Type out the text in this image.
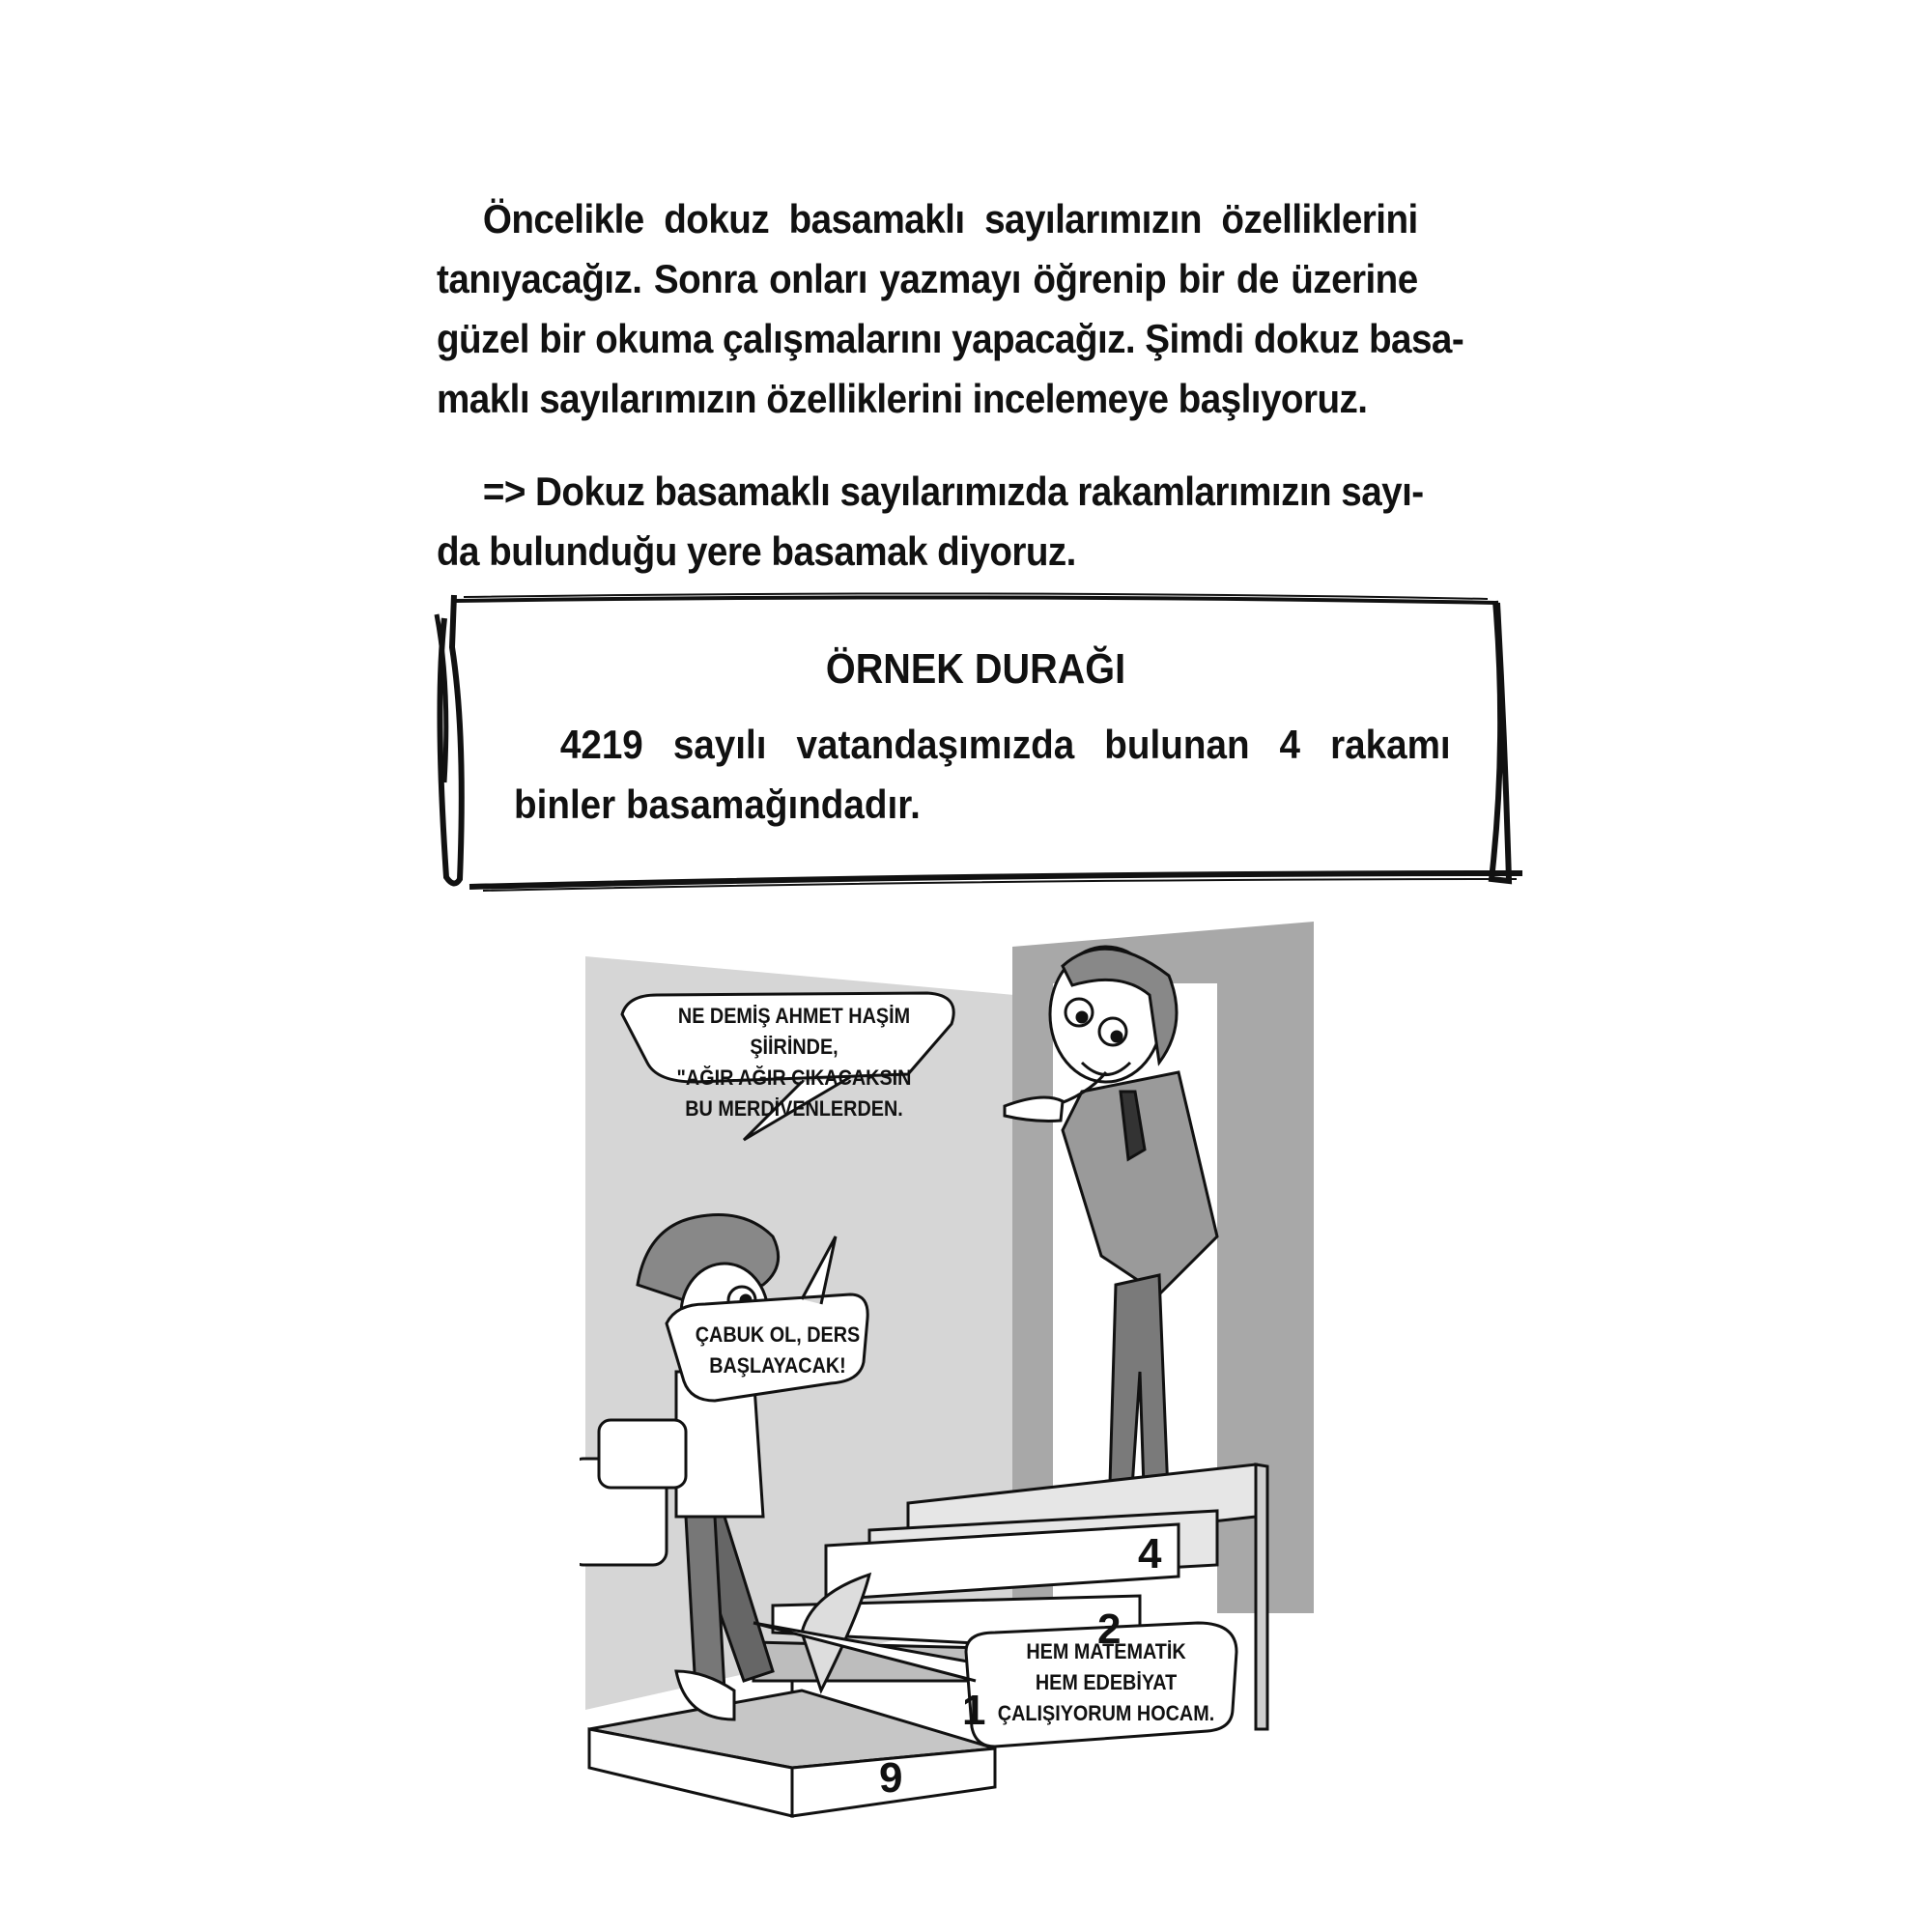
Öncelikle dokuz basamaklı sayılarımızın özelliklerini
tanıyacağız. Sonra onları yazmayı öğrenip bir de üzerine
güzel bir okuma çalışmalarını yapacağız. Şimdi dokuz basa-
maklı sayılarımızın özelliklerini incelemeye başlıyoruz.
=> Dokuz basamaklı sayılarımızda rakamlarımızın sayı-
da bulunduğu yere basamak diyoruz.
ÖRNEK DURAĞI
4219 sayılı vatandaşımızda bulunan 4 rakamı
binler basamağındadır.
NE DEMİŞ AHMET HAŞİM ŞİİRİNDE,
"AĞIR AĞIR CIKACAKSIN
BU MERDİVENLERDEN.
ÇABUK OL, DERS
BAŞLAYACAK!
HEM MATEMATİK
HEM EDEBİYAT
ÇALIŞIYORUM HOCAM.
9
1
2
4
